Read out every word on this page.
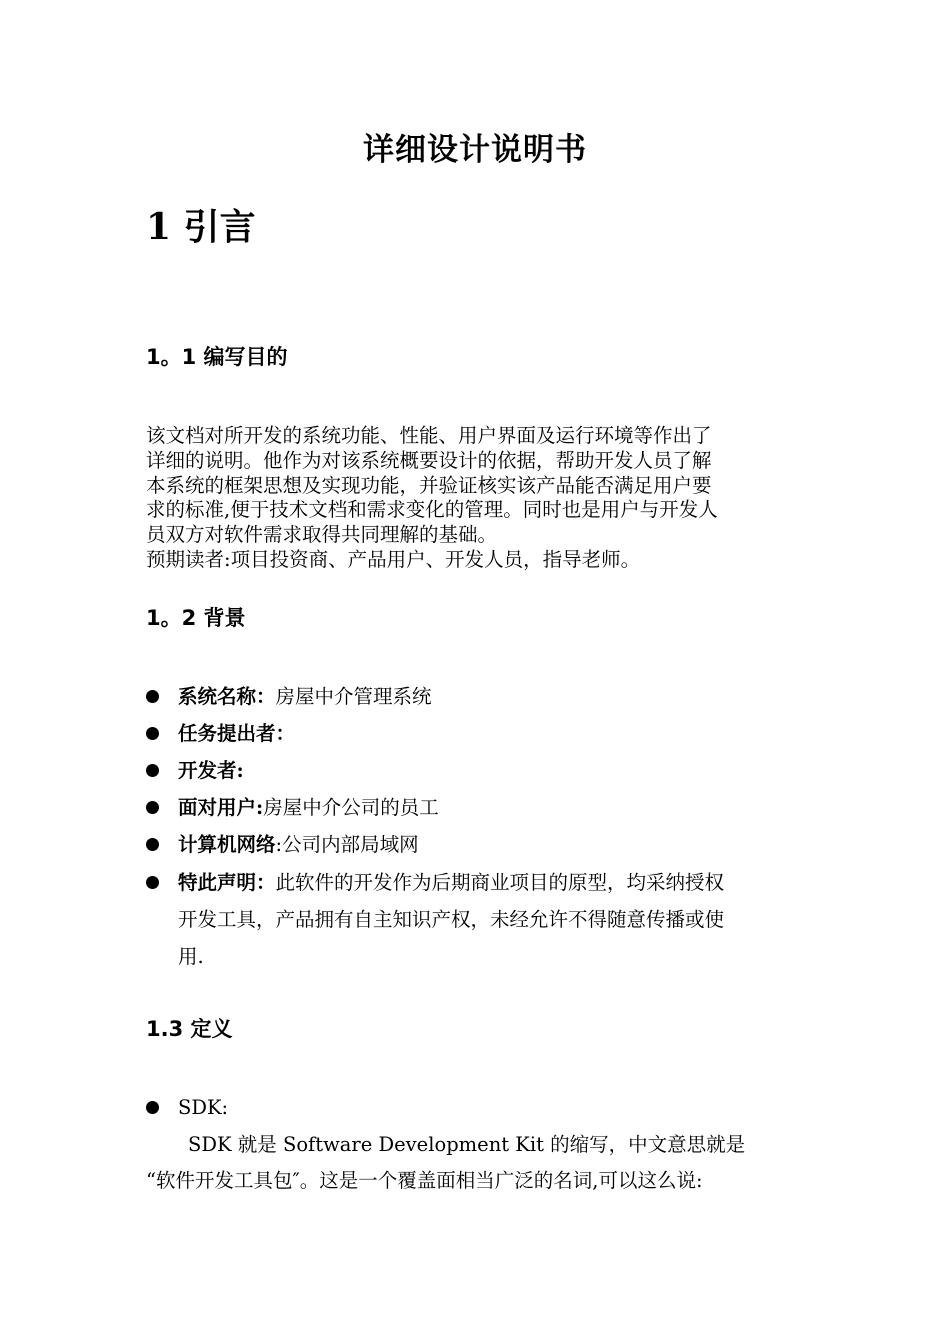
详细设计说明书
1 引言
1。1 编写目的
该文档对所开发的系统功能、性能、用户界面及运行环境等作出了
详细的说明。他作为对该系统概要设计的依据，帮助开发人员了解
本系统的框架思想及实现功能，并验证核实该产品能否满足用户要
求的标准,便于技术文档和需求变化的管理。同时也是用户与开发人
员双方对软件需求取得共同理解的基础。
预期读者:项目投资商、产品用户、开发人员，指导老师。
1。2 背景
系统名称：房屋中介管理系统
任务提出者：
开发者:
面对用户:房屋中介公司的员工
计算机网络:公司内部局域网
特此声明：此软件的开发作为后期商业项目的原型，均采纳授权
开发工具，产品拥有自主知识产权，未经允许不得随意传播或使
用.
1.3 定义
SDK:
SDK 就是 Software Development Kit 的缩写，中文意思就是
“软件开发工具包″。这是一个覆盖面相当广泛的名词,可以这么说:
